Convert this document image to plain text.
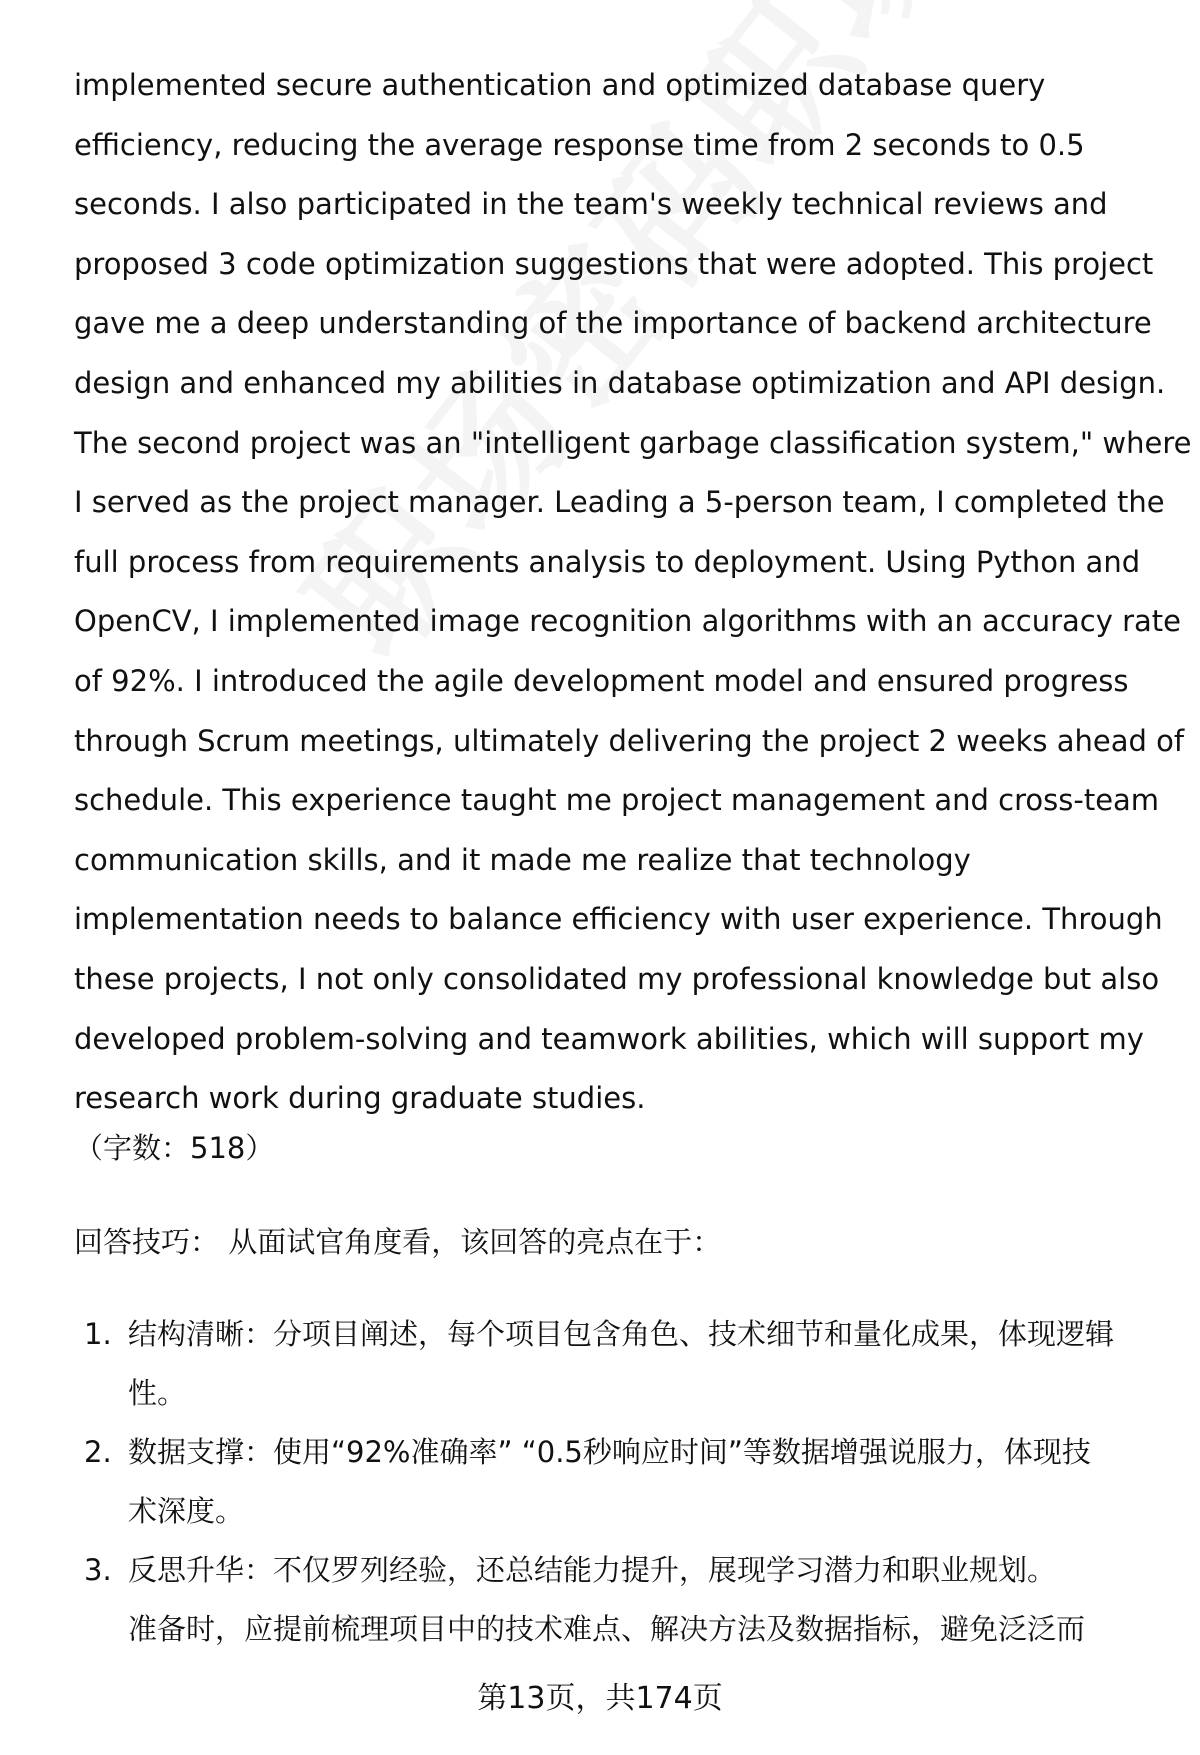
implemented secure authentication and optimized database query
efficiency, reducing the average response time from 2 seconds to 0.5
seconds. I also participated in the team's weekly technical reviews and
proposed 3 code optimization suggestions that were adopted. This project
gave me a deep understanding of the importance of backend architecture
design and enhanced my abilities in database optimization and API design.
The second project was an "intelligent garbage classification system," where
I served as the project manager. Leading a 5-person team, I completed the
full process from requirements analysis to deployment. Using Python and
OpenCV, I implemented image recognition algorithms with an accuracy rate
of 92%. I introduced the agile development model and ensured progress
through Scrum meetings, ultimately delivering the project 2 weeks ahead of
schedule. This experience taught me project management and cross-team
communication skills, and it made me realize that technology
implementation needs to balance efficiency with user experience. Through
these projects, I not only consolidated my professional knowledge but also
developed problem-solving and teamwork abilities, which will support my
research work during graduate studies.
（字数：518）
回答技巧： 从面试官角度看，该回答的亮点在于：
1. 结构清晰：分项目阐述，每个项目包含角色、技术细节和量化成果，体现逻辑
性。
2. 数据支撑：使用“92%准确率” “0.5秒响应时间”等数据增强说服力，体现技
术深度。
3. 反思升华：不仅罗列经验，还总结能力提升，展现学习潜力和职业规划。
准备时，应提前梳理项目中的技术难点、解决方法及数据指标，避免泛泛而
第13页，共174页
